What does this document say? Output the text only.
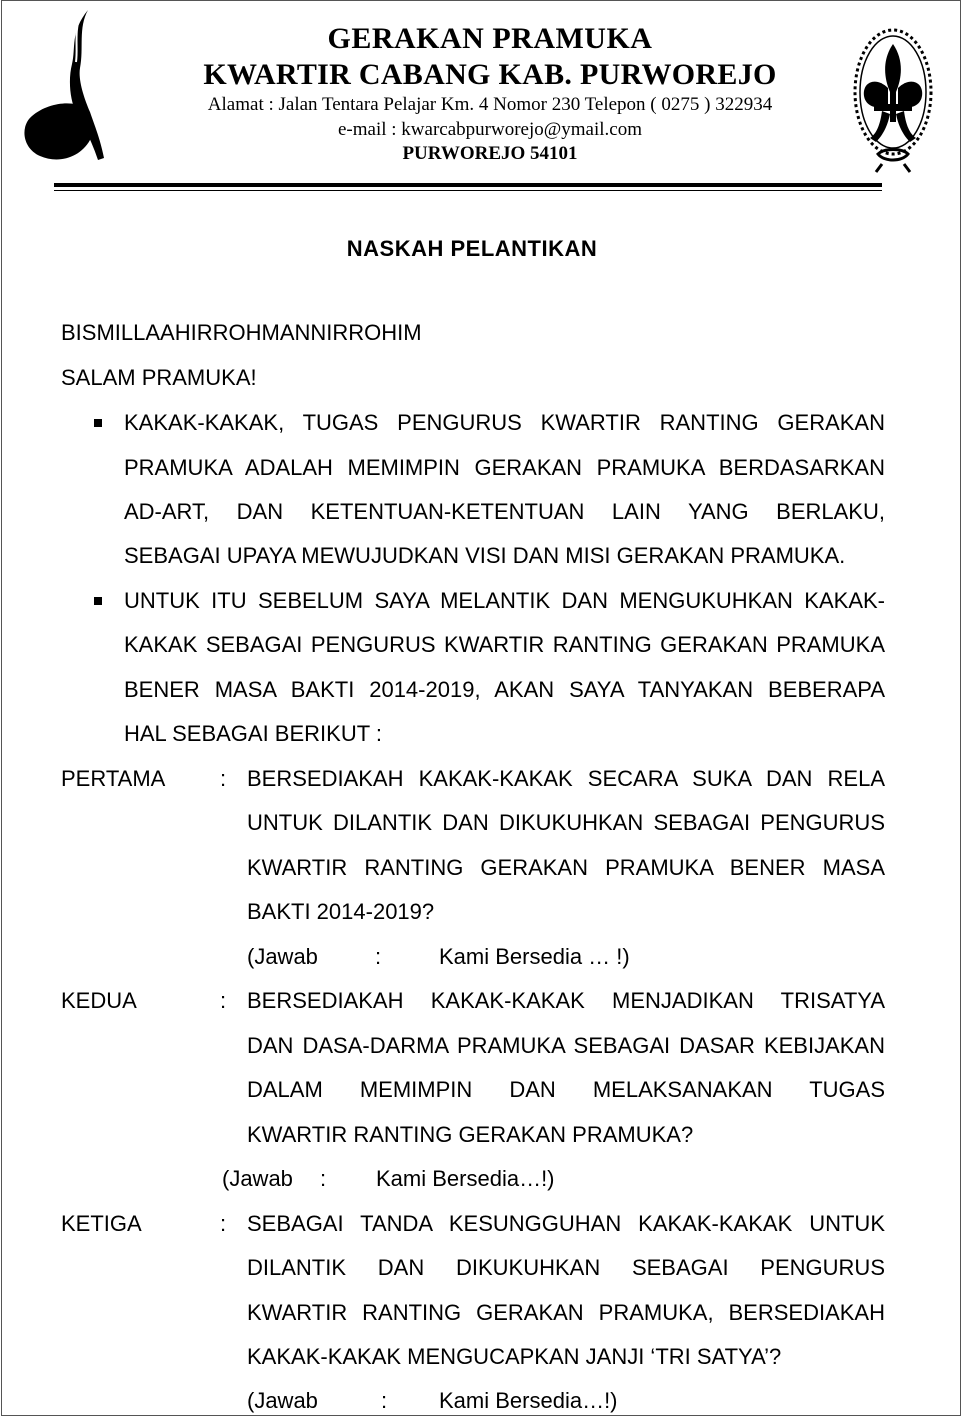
GERAKAN PRAMUKA
KWARTIR CABANG KAB. PURWOREJO
Alamat : Jalan Tentara Pelajar Km. 4 Nomor 230 Telepon ( 0275 ) 322934
e-mail : kwarcabpurworejo@ymail.com
PURWOREJO 54101
NASKAH PELANTIKAN
BISMILLAAHIRROHMANNIRROHIM
SALAM PRAMUKA!
KAKAK-KAKAK, TUGAS PENGURUS KWARTIR RANTING GERAKAN
PRAMUKA ADALAH MEMIMPIN GERAKAN PRAMUKA BERDASARKAN
AD-ART, DAN KETENTUAN-KETENTUAN LAIN YANG BERLAKU,
SEBAGAI UPAYA MEWUJUDKAN VISI DAN MISI GERAKAN PRAMUKA.
UNTUK ITU SEBELUM SAYA MELANTIK DAN MENGUKUHKAN KAKAK-
KAKAK SEBAGAI PENGURUS KWARTIR RANTING GERAKAN PRAMUKA
BENER MASA BAKTI 2014-2019, AKAN SAYA TANYAKAN BEBERAPA
HAL SEBAGAI BERIKUT :
PERTAMA : BERSEDIAKAH KAKAK-KAKAK SECARA SUKA DAN RELA
UNTUK DILANTIK DAN DIKUKUHKAN SEBAGAI PENGURUS
KWARTIR RANTING GERAKAN PRAMUKA BENER MASA
BAKTI 2014-2019?
(Jawab	:	Kami Bersedia … !)
KEDUA	: BERSEDIAKAH KAKAK-KAKAK MENJADIKAN TRISATYA
DAN DASA-DARMA PRAMUKA SEBAGAI DASAR KEBIJAKAN
DALAM MEMIMPIN DAN MELAKSANAKAN TUGAS
KWARTIR RANTING GERAKAN PRAMUKA?
(Jawab : Kami Bersedia…!)
KETIGA	: SEBAGAI TANDA KESUNGGUHAN KAKAK-KAKAK UNTUK
DILANTIK DAN DIKUKUHKAN SEBAGAI PENGURUS
KWARTIR RANTING GERAKAN PRAMUKA, BERSEDIAKAH
KAKAK-KAKAK MENGUCAPKAN JANJI ‘TRI SATYA’?
(Jawab	: Kami Bersedia…!)
